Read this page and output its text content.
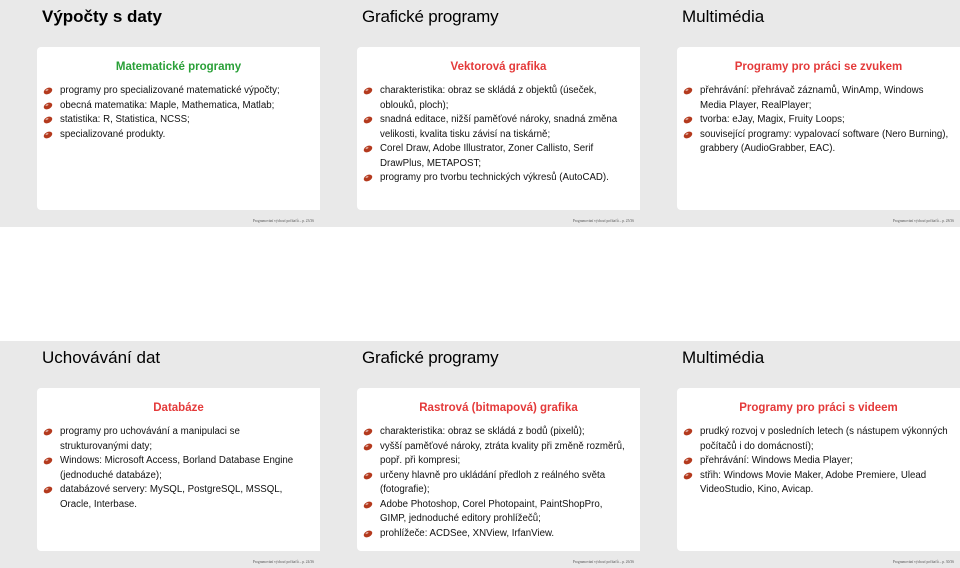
Výpočty s daty
Matematické programy
programy pro specializované matematické výpočty;
obecná matematika: Maple, Mathematica, Matlab;
statistika: R, Statistica, NCSS;
specializované produkty.
Programování výchozí počítačů – p. 23/36
Grafické programy
Vektorová grafika
charakteristika: obraz se skládá z objektů (úseček, oblouků, ploch);
snadná editace, nižší paměťové nároky, snadná změna velikosti, kvalita tisku závisí na tiskárně;
Corel Draw, Adobe Illustrator, Zoner Callisto, Serif DrawPlus, METAPOST;
programy pro tvorbu technických výkresů (AutoCAD).
Programování výchozí počítačů – p. 25/36
Multimédia
Programy pro práci se zvukem
přehrávání: přehrávač záznamů, WinAmp, Windows Media Player, RealPlayer;
tvorba: eJay, Magix, Fruity Loops;
související programy: vypalovací software (Nero Burning), grabbery (AudioGrabber, EAC).
Programování výchozí počítačů – p. 28/36
Uchovávání dat
Databáze
programy pro uchovávání a manipulaci se strukturovanými daty;
Windows: Microsoft Access, Borland Database Engine (jednoduché databáze);
databázové servery: MySQL, PostgreSQL, MSSQL, Oracle, Interbase.
Programování výchozí počítačů – p. 24/36
Grafické programy
Rastrová (bitmapová) grafika
charakteristika: obraz se skládá z bodů (pixelů);
vyšší paměťové nároky, ztráta kvality při změně rozměrů, popř. při kompresi;
určeny hlavně pro ukládání předloh z reálného světa (fotografie);
Adobe Photoshop, Corel Photopaint, PaintShopPro, GIMP, jednoduché editory prohlížečů;
prohlížeče: ACDSee, XNView, IrfanView.
Programování výchozí počítačů – p. 26/36
Multimédia
Programy pro práci s videem
prudký rozvoj v posledních letech (s nástupem výkonných počítačů i do domácností);
přehrávání: Windows Media Player;
střih: Windows Movie Maker, Adobe Premiere, Ulead VideoStudio, Kino, Avicap.
Programování výchozí počítačů – p. 30/36
